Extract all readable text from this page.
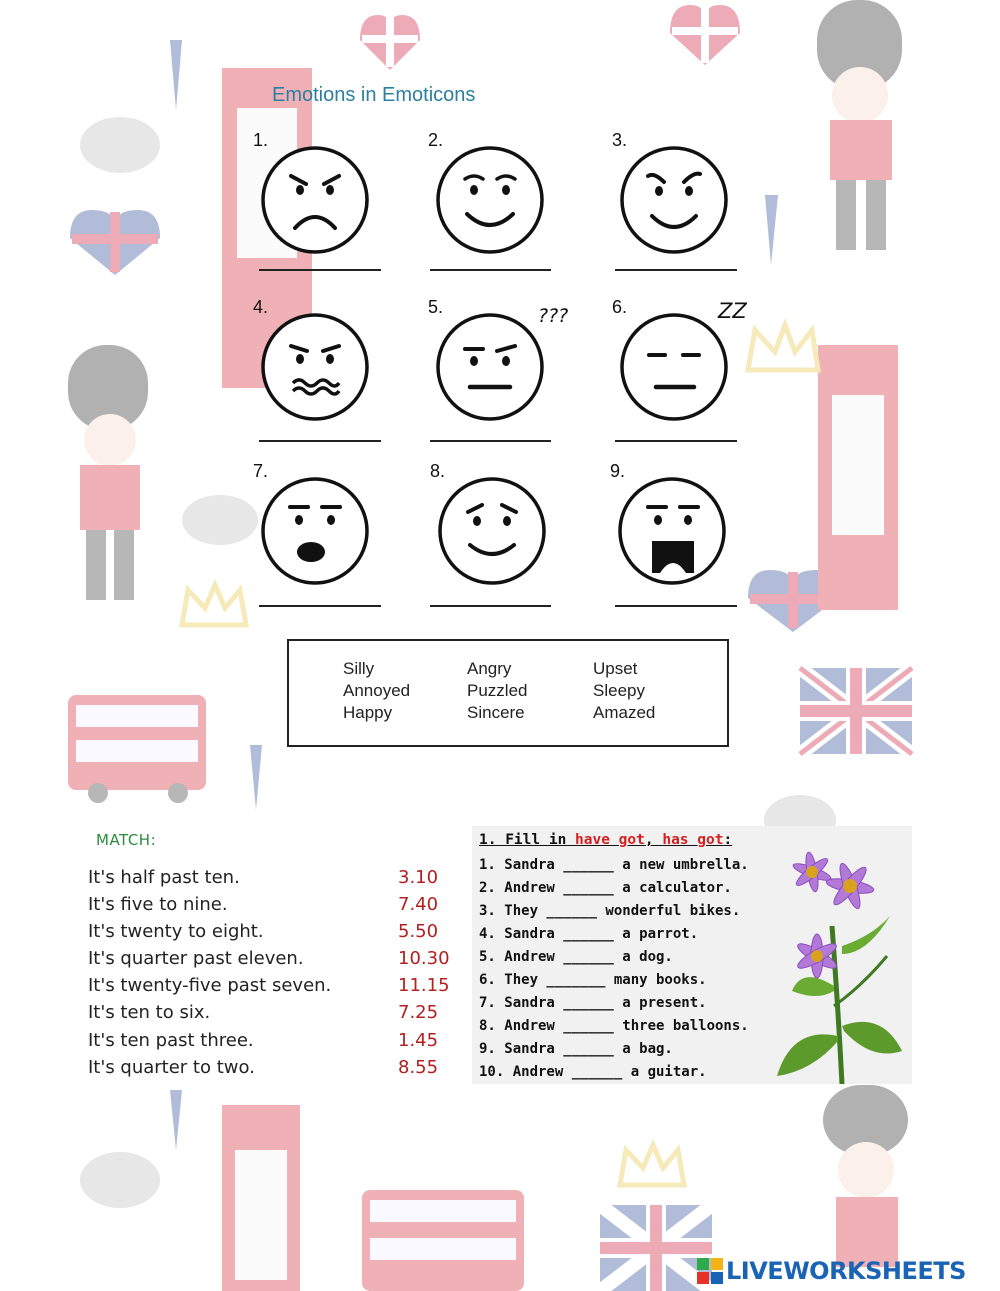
Emotions in Emoticons
1.	2.	3.
4.	5.	??? 6.	ZZ
7.	8.	9.
Silly	Angry	Upset
Annoyed	Puzzled	Sleepy
Happy	Sincere	Amazed
MATCH:
It's half past ten.	3.10
It's five to nine.	7.40
It's twenty to eight.	5.50
It's quarter past eleven.	10.30
It's twenty-five past seven.	11.15
It's ten to six.	7.25
It's ten past three.	1.45
It's quarter to two.	8.55
1. Fill in have got, has got:
1. Sandra ______ a new umbrella.
2. Andrew ______ a calculator.
3. They ______ wonderful bikes.
4. Sandra ______ a parrot.
5. Andrew ______ a dog.
6. They _______ many books.
7. Sandra ______ a present.
8. Andrew ______ three balloons.
9. Sandra ______ a bag.
10. Andrew ______ a guitar.
LIVEWORKSHEETS
